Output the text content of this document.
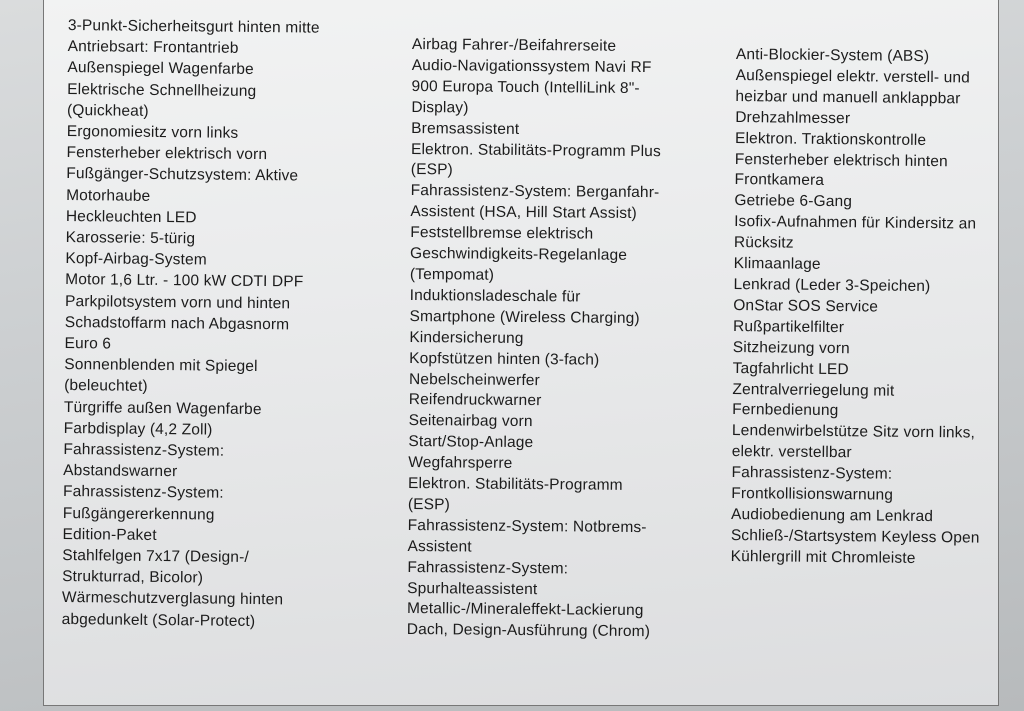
3-Punkt-Sicherheitsgurt hinten mitte
Antriebsart: Frontantrieb
Außenspiegel Wagenfarbe
Elektrische Schnellheizung
(Quickheat)
Ergonomiesitz vorn links
Fensterheber elektrisch vorn
Fußgänger-Schutzsystem: Aktive
Motorhaube
Heckleuchten LED
Karosserie: 5-türig
Kopf-Airbag-System
Motor 1,6 Ltr. - 100 kW CDTI DPF
Parkpilotsystem vorn und hinten
Schadstoffarm nach Abgasnorm
Euro 6
Sonnenblenden mit Spiegel
(beleuchtet)
Türgriffe außen Wagenfarbe
Farbdisplay (4,2 Zoll)
Fahrassistenz-System:
Abstandswarner
Fahrassistenz-System:
Fußgängererkennung
Edition-Paket
Stahlfelgen 7x17 (Design-/
Strukturrad, Bicolor)
Wärmeschutzverglasung hinten
abgedunkelt (Solar-Protect)
Airbag Fahrer-/Beifahrerseite
Audio-Navigationssystem Navi RF
900 Europa Touch (IntelliLink 8"-
Display)
Bremsassistent
Elektron. Stabilitäts-Programm Plus
(ESP)
Fahrassistenz-System: Berganfahr-
Assistent (HSA, Hill Start Assist)
Feststellbremse elektrisch
Geschwindigkeits-Regelanlage
(Tempomat)
Induktionsladeschale für
Smartphone (Wireless Charging)
Kindersicherung
Kopfstützen hinten (3-fach)
Nebelscheinwerfer
Reifendruckwarner
Seitenairbag vorn
Start/Stop-Anlage
Wegfahrsperre
Elektron. Stabilitäts-Programm
(ESP)
Fahrassistenz-System: Notbrems-
Assistent
Fahrassistenz-System:
Spurhalteassistent
Metallic-/Mineraleffekt-Lackierung
Dach, Design-Ausführung (Chrom)
Anti-Blockier-System (ABS)
Außenspiegel elektr. verstell- und
heizbar und manuell anklappbar
Drehzahlmesser
Elektron. Traktionskontrolle
Fensterheber elektrisch hinten
Frontkamera
Getriebe 6-Gang
Isofix-Aufnahmen für Kindersitz an
Rücksitz
Klimaanlage
Lenkrad (Leder 3-Speichen)
OnStar SOS Service
Rußpartikelfilter
Sitzheizung vorn
Tagfahrlicht LED
Zentralverriegelung mit
Fernbedienung
Lendenwirbelstütze Sitz vorn links,
elektr. verstellbar
Fahrassistenz-System:
Frontkollisionswarnung
Audiobedienung am Lenkrad
Schließ-/Startsystem Keyless Open
Kühlergrill mit Chromleiste
